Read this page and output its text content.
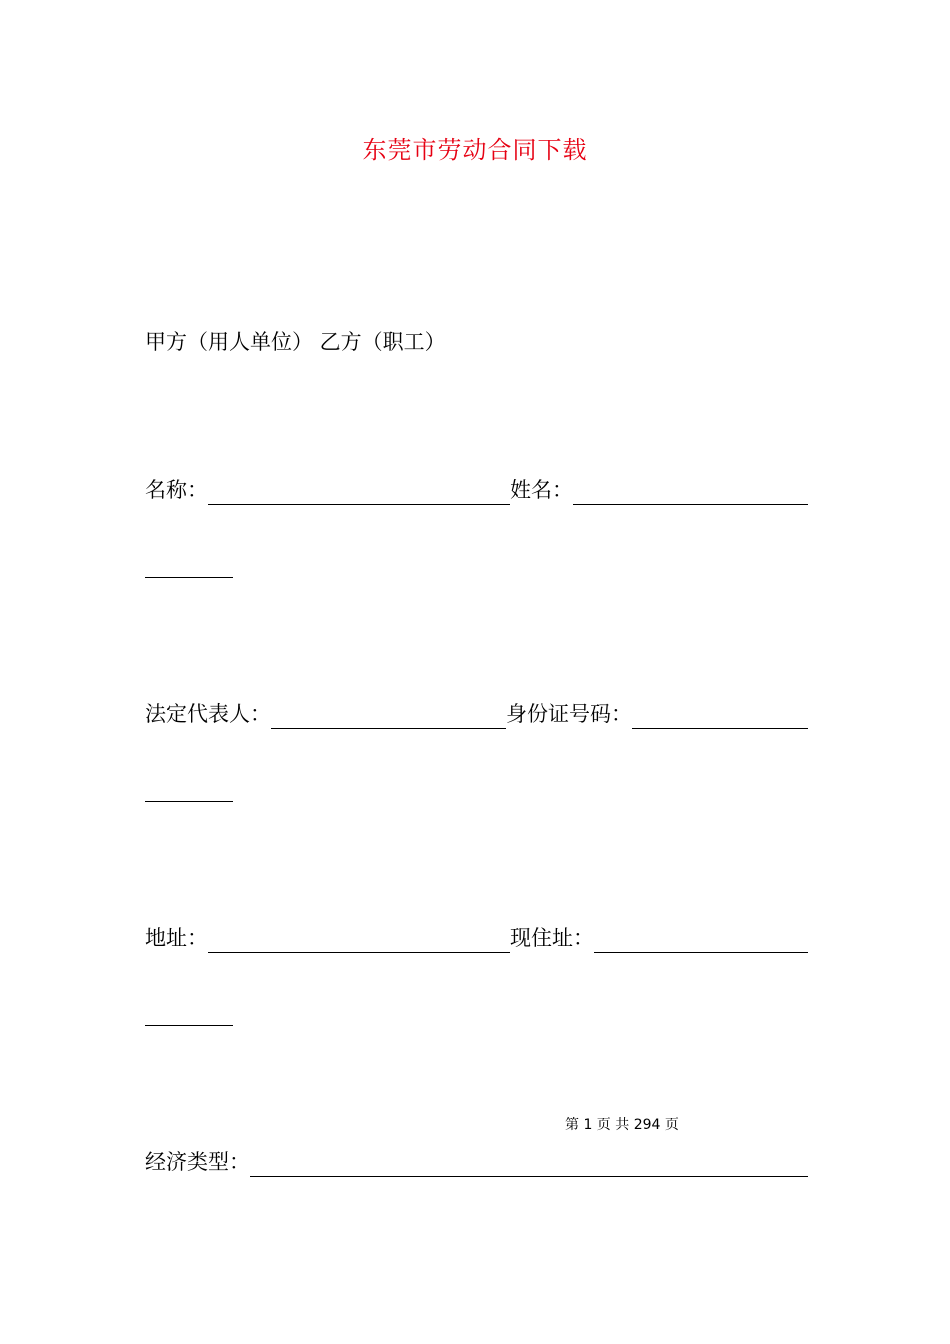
东莞市劳动合同下载
甲方（用人单位） 乙方（职工）
名称：	姓名：
法定代表人：	身份证号码：
地址：	现住址：
第 1 页 共 294 页
经济类型：
